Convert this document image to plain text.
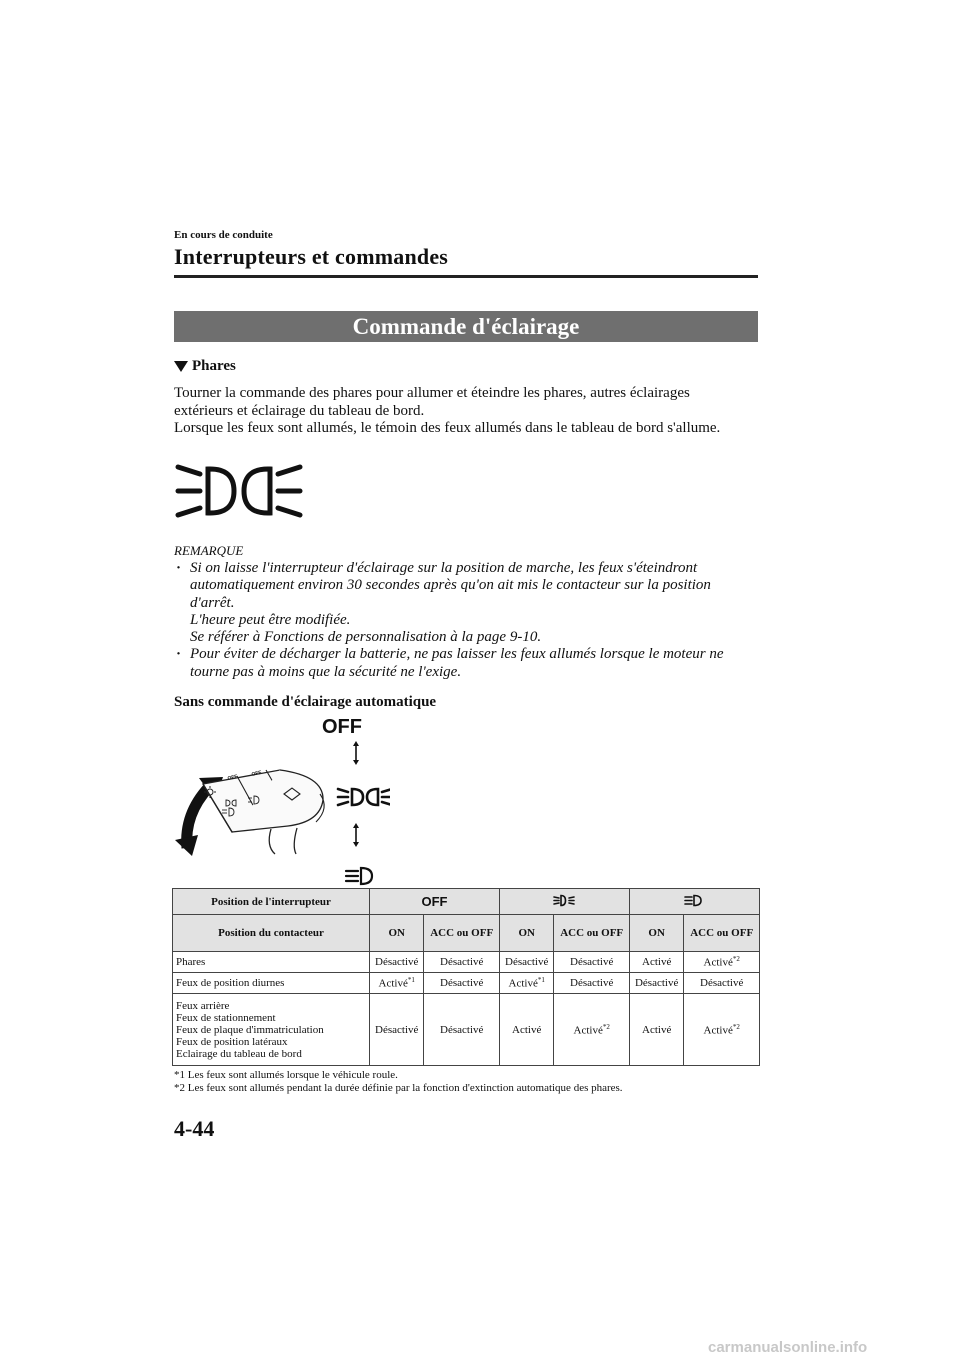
En cours de conduite
Interrupteurs et commandes
Commande d'éclairage
Phares

Tourner la commande des phares pour allumer et éteindre les phares, autres éclairages

extérieurs et éclairage du tableau de bord.

Lorsque les feux sont allumés, le témoin des feux allumés dans le tableau de bord s'allume.

REMARQUE
· Si on laisse l'interrupteur d'éclairage sur la position de marche, les feux s'éteindront
automatiquement environ 30 secondes après qu'on ait mis le contacteur sur la position
d'arrêt.
L'heure peut être modifiée.
Se référer à Fonctions de personnalisation à la page 9-10.
· Pour éviter de décharger la batterie, ne pas laisser les feux allumés lorsque le moteur ne
tourne pas à moins que la sécurité ne l'exige.
Sans commande d'éclairage automatique
OFF
OFF	OFF
Position de l'interrupteur	OFF		
Position du contacteur	ON	ACC ou OFF	ON	ACC ou OFF	ON	ACC ou OFF
Phares	Désactivé	Désactivé	Désactivé	Désactivé	Activé	Activé$^{*2}$
Feux de position diurnes	Activé$^{*1}$	Désactivé	Activé$^{*1}$	Désactivé	Désactivé	Désactivé

Feux arrière
Feux de stationnement
Feux de plaque d'immatriculation
Feux de position latéraux
Eclairage du tableau de bord	Désactivé	Désactivé	Activé	Activé$^{*2}$	Activé	Activé$^{*2}$
*1 Les feux sont allumés lorsque le véhicule roule.
*2 Les feux sont allumés pendant la durée définie par la fonction d'extinction automatique des phares.
4-44
carmanualsonline.info
